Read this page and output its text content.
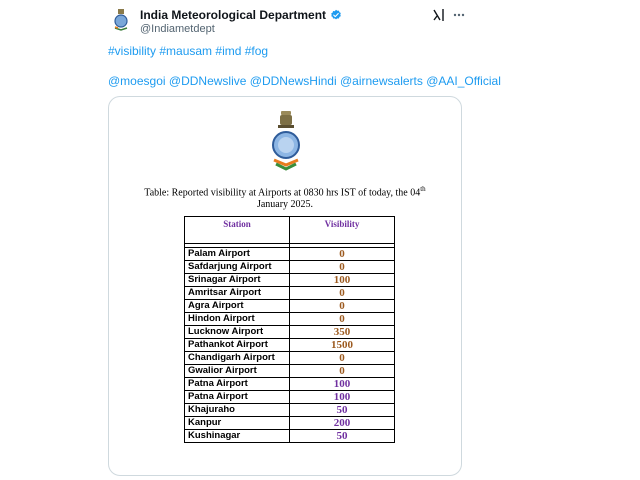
India Meteorological Department
@Indiametdept
#visibility #mausam #imd #fog
@moesgoi @DDNewslive @DDNewsHindi @airnewsalerts @AAI_Official
Table: Reported visibility at Airports at 0830 hrs IST of today, the 04th
January 2025.
Station	Visibility

Palam Airport	0
Safdarjung Airport	0
Srinagar Airport	100
Amritsar Airport	0
Agra Airport	0
Hindon Airport	0
Lucknow Airport	350
Pathankot Airport	1500
Chandigarh Airport	0
Gwalior Airport	0
Patna Airport	100
Patna Airport	100
Khajuraho	50
Kanpur	200
Kushinagar	50
